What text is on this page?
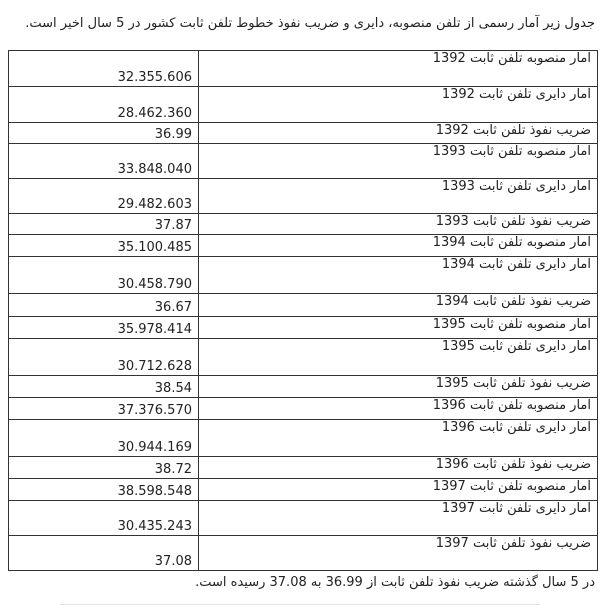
جدول زیر آمار رسمی از تلفن منصوبه، دایری و ضریب نفوذ خطوط تلفن ثابت کشور در 5 سال اخیر است.
32.355.606	آمار منصوبه تلفن ثابت 1392
28.462.360	آمار دایری تلفن ثابت 1392
36.99	ضریب نفوذ تلفن ثابت 1392
33.848.040	آمار منصوبه تلفن ثابت 1393
29.482.603	آمار دایری تلفن ثابت 1393
37.87	ضریب نفوذ تلفن ثابت 1393
35.100.485	آمار منصوبه تلفن ثابت 1394
30.458.790	آمار دایری تلفن ثابت 1394
36.67	ضریب نفوذ تلفن ثابت 1394
35.978.414	آمار منصوبه تلفن ثابت 1395
30.712.628	آمار دایری تلفن ثابت 1395
38.54	ضریب نفوذ تلفن ثابت 1395
37.376.570	آمار منصوبه تلفن ثابت 1396
30.944.169	آمار دایری تلفن ثابت 1396
38.72	ضریب نفوذ تلفن ثابت 1396
38.598.548	آمار منصوبه تلفن ثابت 1397
30.435.243	آمار دایری تلفن ثابت 1397
37.08	ضریب نفوذ تلفن ثابت 1397
در 5 سال گذشته ضریب نفوذ تلفن ثابت از 36.99 به 37.08 رسیده است.
